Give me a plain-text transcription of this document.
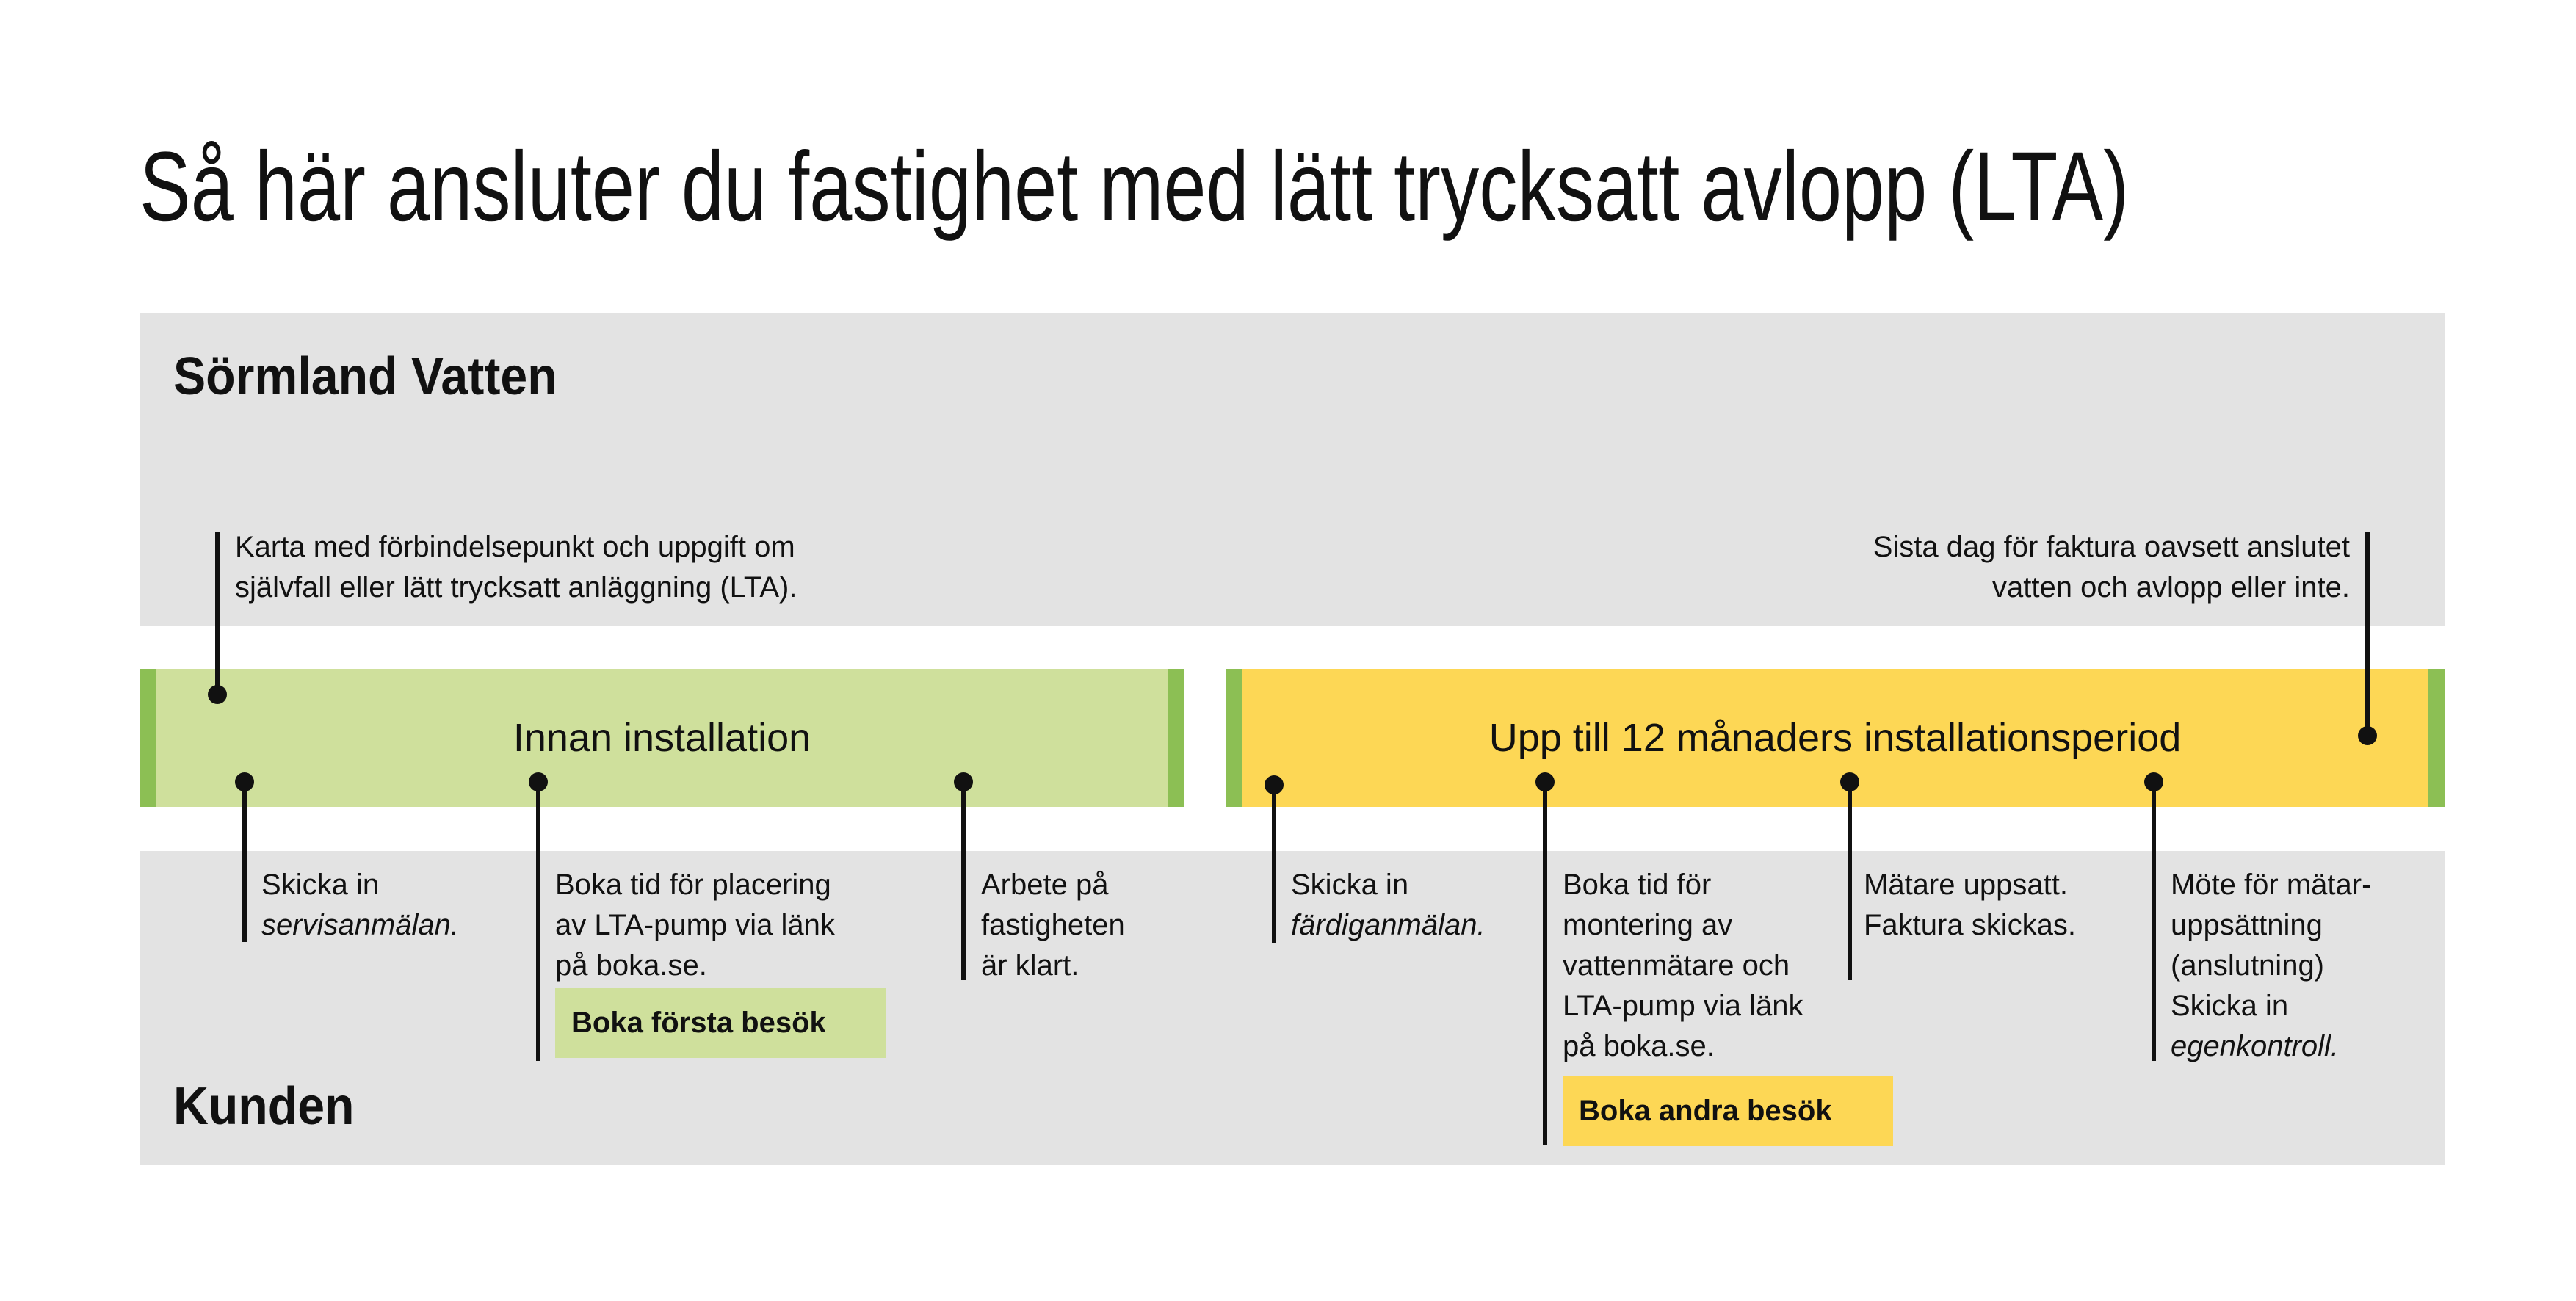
Så här ansluter du fastighet med lätt trycksatt avlopp (LTA)
Sörmland Vatten
Kunden
Innan installation	Upp till 12 månaders installationsperiod
Karta med förbindelsepunkt och uppgift om
självfall eller lätt trycksatt anläggning (LTA).
Sista dag för faktura oavsett anslutet
vatten och avlopp eller inte.
Skicka in
servisanmälan.
Boka tid för placering
av LTA-pump via länk
på boka.se.
Boka första besök
Arbete på
fastigheten
är klart.
Skicka in
färdiganmälan.
Boka tid för
montering av
vattenmätare och
LTA-pump via länk
på boka.se.
Boka andra besök
Mätare uppsatt.
Faktura skickas.
Möte för mätar-
uppsättning
(anslutning)
Skicka in
egenkontroll.
